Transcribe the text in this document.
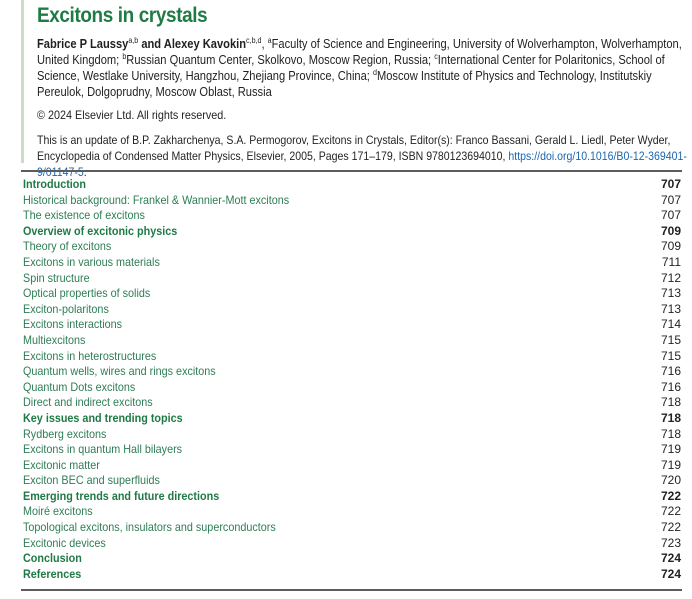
Excitons in crystals
Fabrice P Laussy$^{a,b}$ and Alexey Kavokin$^{c,b,d}$, $^a$Faculty of Science and Engineering, University of Wolverhampton, Wolverhampton, United Kingdom; $^b$Russian Quantum Center, Skolkovo, Moscow Region, Russia; $^c$International Center for Polaritonics, School of Science, Westlake University, Hangzhou, Zhejiang Province, China; $^d$Moscow Institute of Physics and Technology, Institutskiy Pereulok, Dolgoprudny, Moscow Oblast, Russia
© 2024 Elsevier Ltd. All rights reserved.
This is an update of B.P. Zakharchenya, S.A. Permogorov, Excitons in Crystals, Editor(s): Franco Bassani, Gerald L. Liedl, Peter Wyder, Encyclopedia of Condensed Matter Physics, Elsevier, 2005, Pages 171–179, ISBN 9780123694010, https://doi.org/10.1016/B0-12-369401-9/01147-5.
Introduction	707
Historical background: Frankel & Wannier-Mott excitons	707
The existence of excitons	707
Overview of excitonic physics	709
Theory of excitons	709
Excitons in various materials	711
Spin structure	712
Optical properties of solids	713
Exciton-polaritons	713
Excitons interactions	714
Multiexcitons	715
Excitons in heterostructures	715
Quantum wells, wires and rings excitons	716
Quantum Dots excitons	716
Direct and indirect excitons	718
Key issues and trending topics	718
Rydberg excitons	718
Excitons in quantum Hall bilayers	719
Excitonic matter	719
Exciton BEC and superfluids	720
Emerging trends and future directions	722
Moiré excitons	722
Topological excitons, insulators and superconductors	722
Excitonic devices	723
Conclusion	724
References	724
